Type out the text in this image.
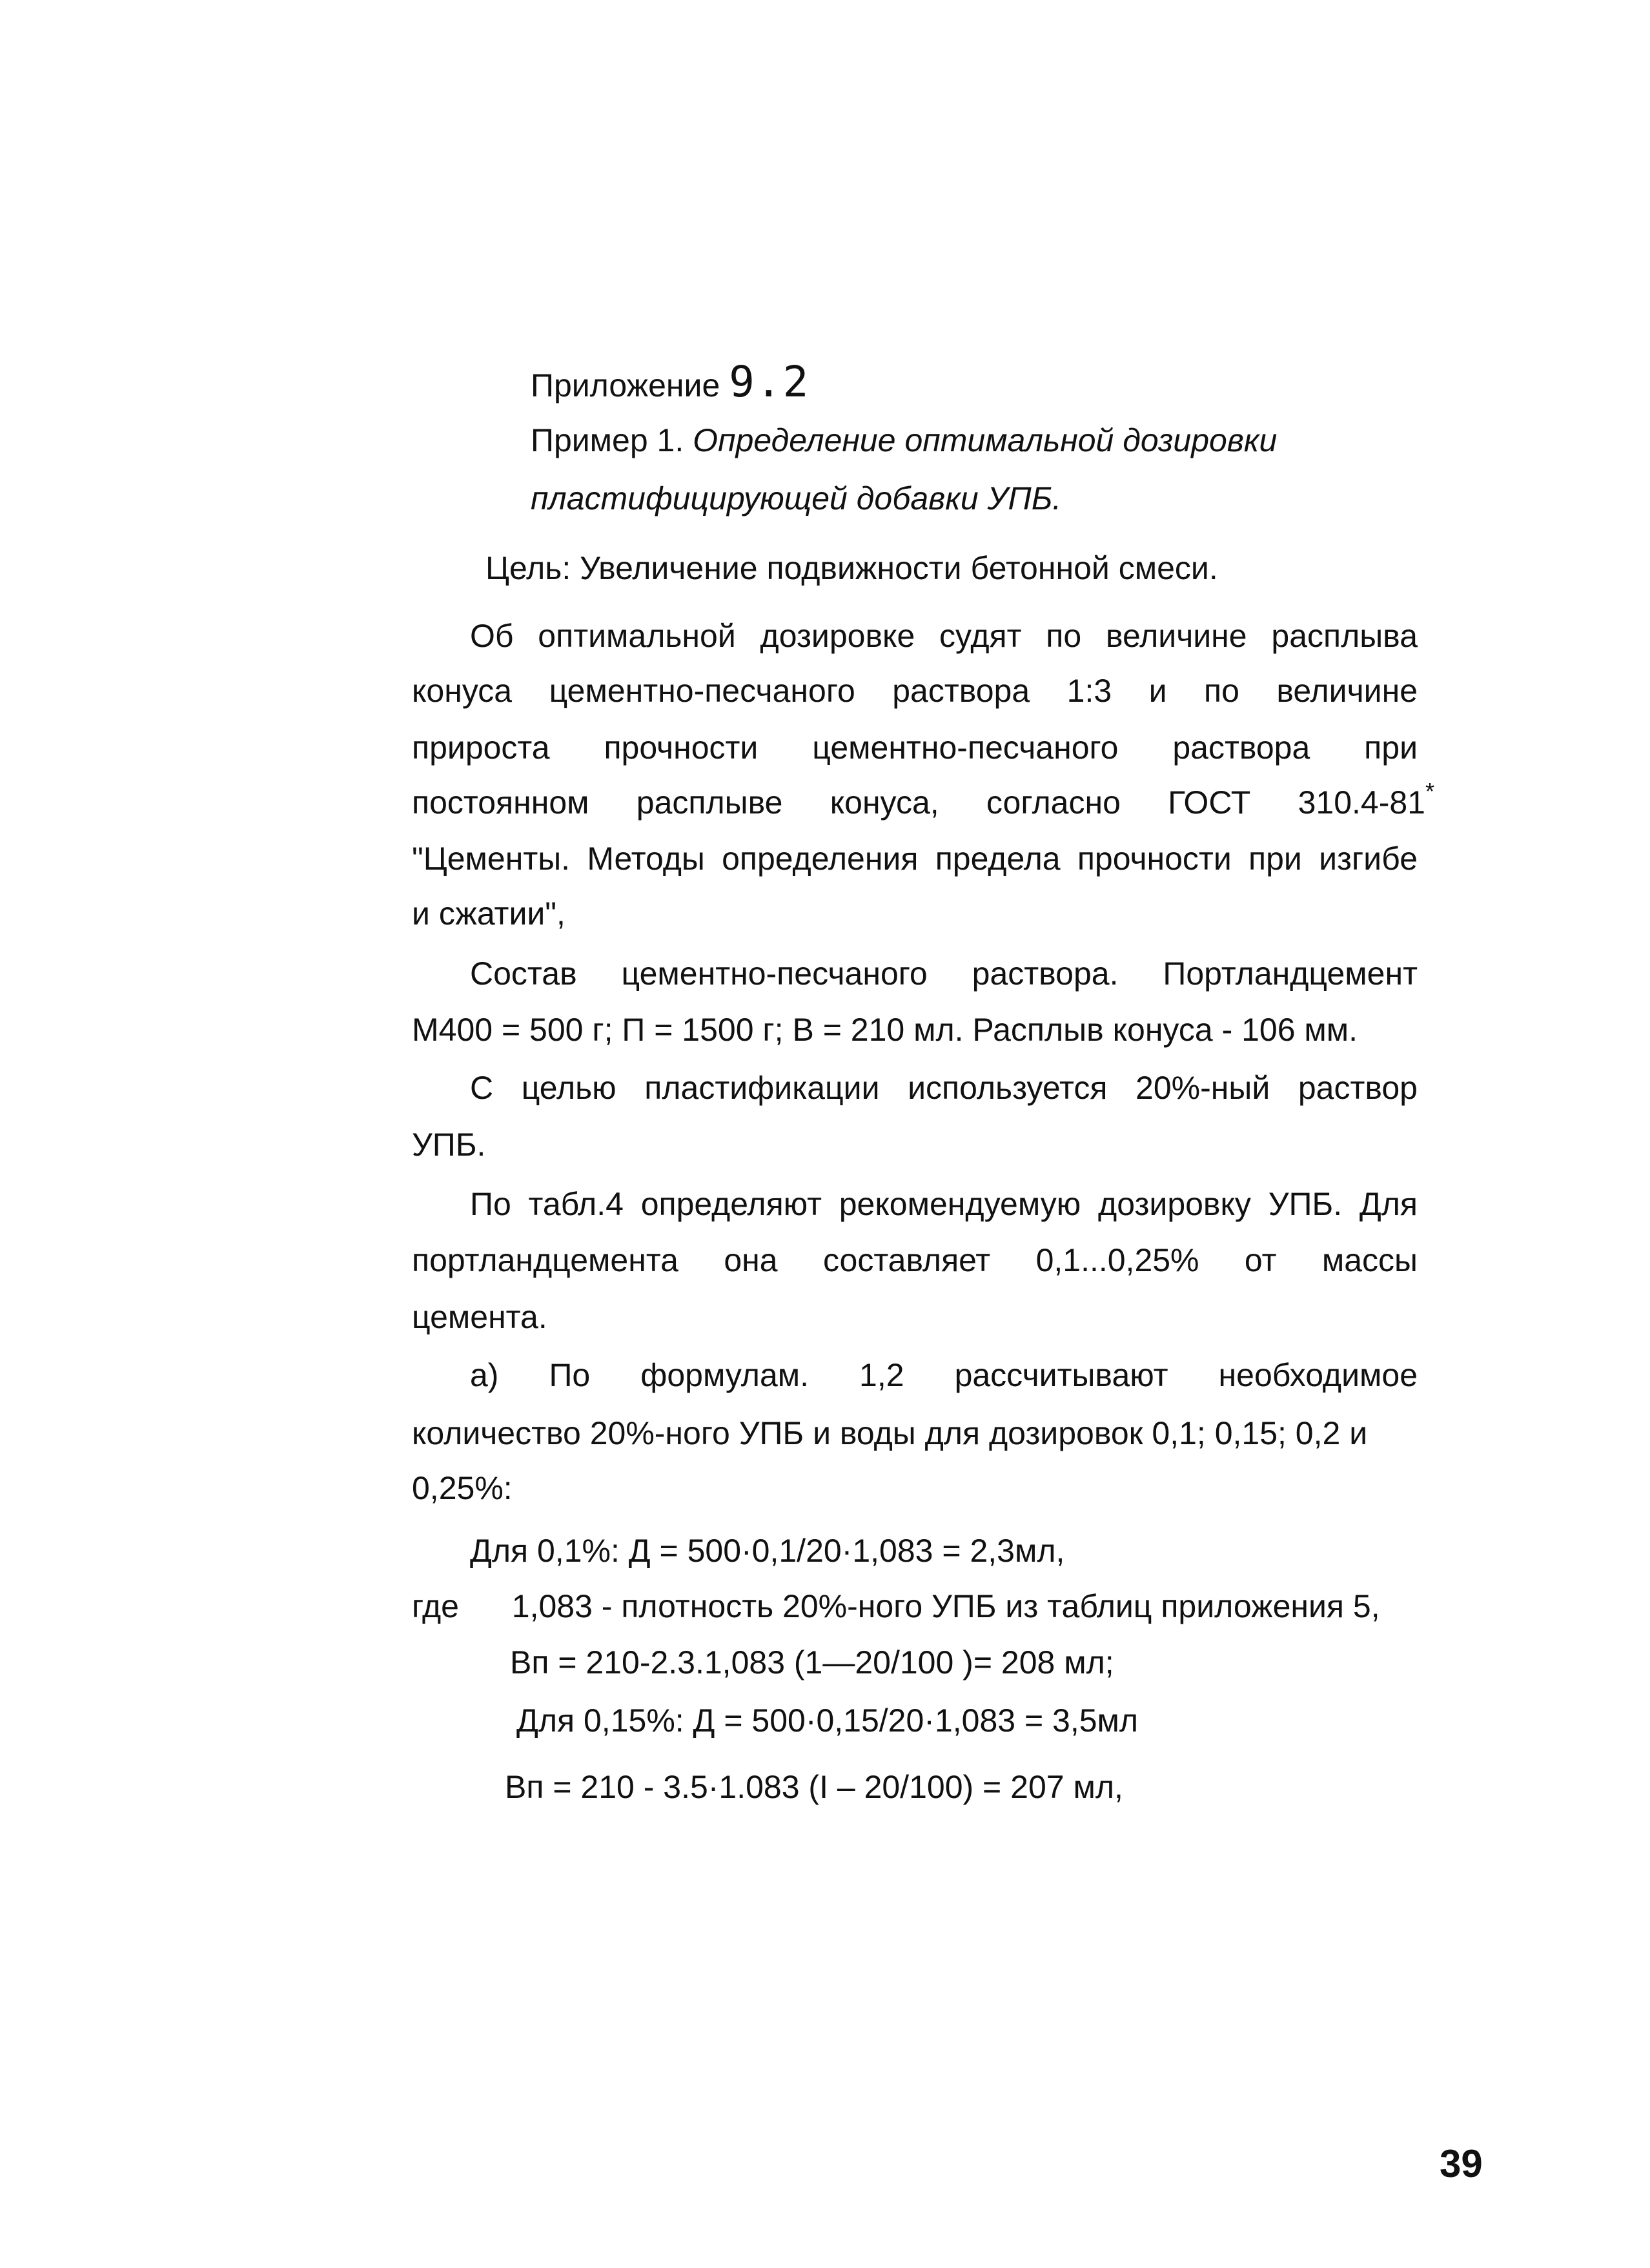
Приложение 9.2
Пример 1. Определение оптимальной дозировки
пластифицирующей добавки УПБ.
Цель: Увеличение подвижности бетонной смеси.
Об оптимальной дозировке судят по величине расплыва
конуса цементно-песчаного раствора 1:3 и по величине
прироста прочности цементно-песчаного раствора при
постоянном расплыве конуса, согласно ГОСТ 310.4-81*
"Цементы. Методы определения предела прочности при изгибе
и сжатии",
Состав цементно-песчаного раствора. Портландцемент
М400 = 500 г; П = 1500 г; В = 210 мл. Расплыв конуса - 106 мм.
С целью пластификации используется 20%-ный раствор
УПБ.
По табл.4 определяют рекомендуемую дозировку УПБ. Для
портландцемента она составляет 0,1...0,25% от массы
цемента.
а) По формулам. 1,2 рассчитывают необходимое
количество 20%-ного УПБ и воды для дозировок 0,1; 0,15; 0,2 и
0,25%:
Для 0,1%: Д = 500·0,1/20·1,083 = 2,3мл,
где 1,083 - плотность 20%-ного УПБ из таблиц приложения 5,
Вп = 210-2.3.1,083 (1—20/100 )= 208 мл;
Для 0,15%: Д = 500·0,15/20·1,083 = 3,5мл
Вп = 210 - 3.5·1.083 (I – 20/100) = 207 мл,
39
